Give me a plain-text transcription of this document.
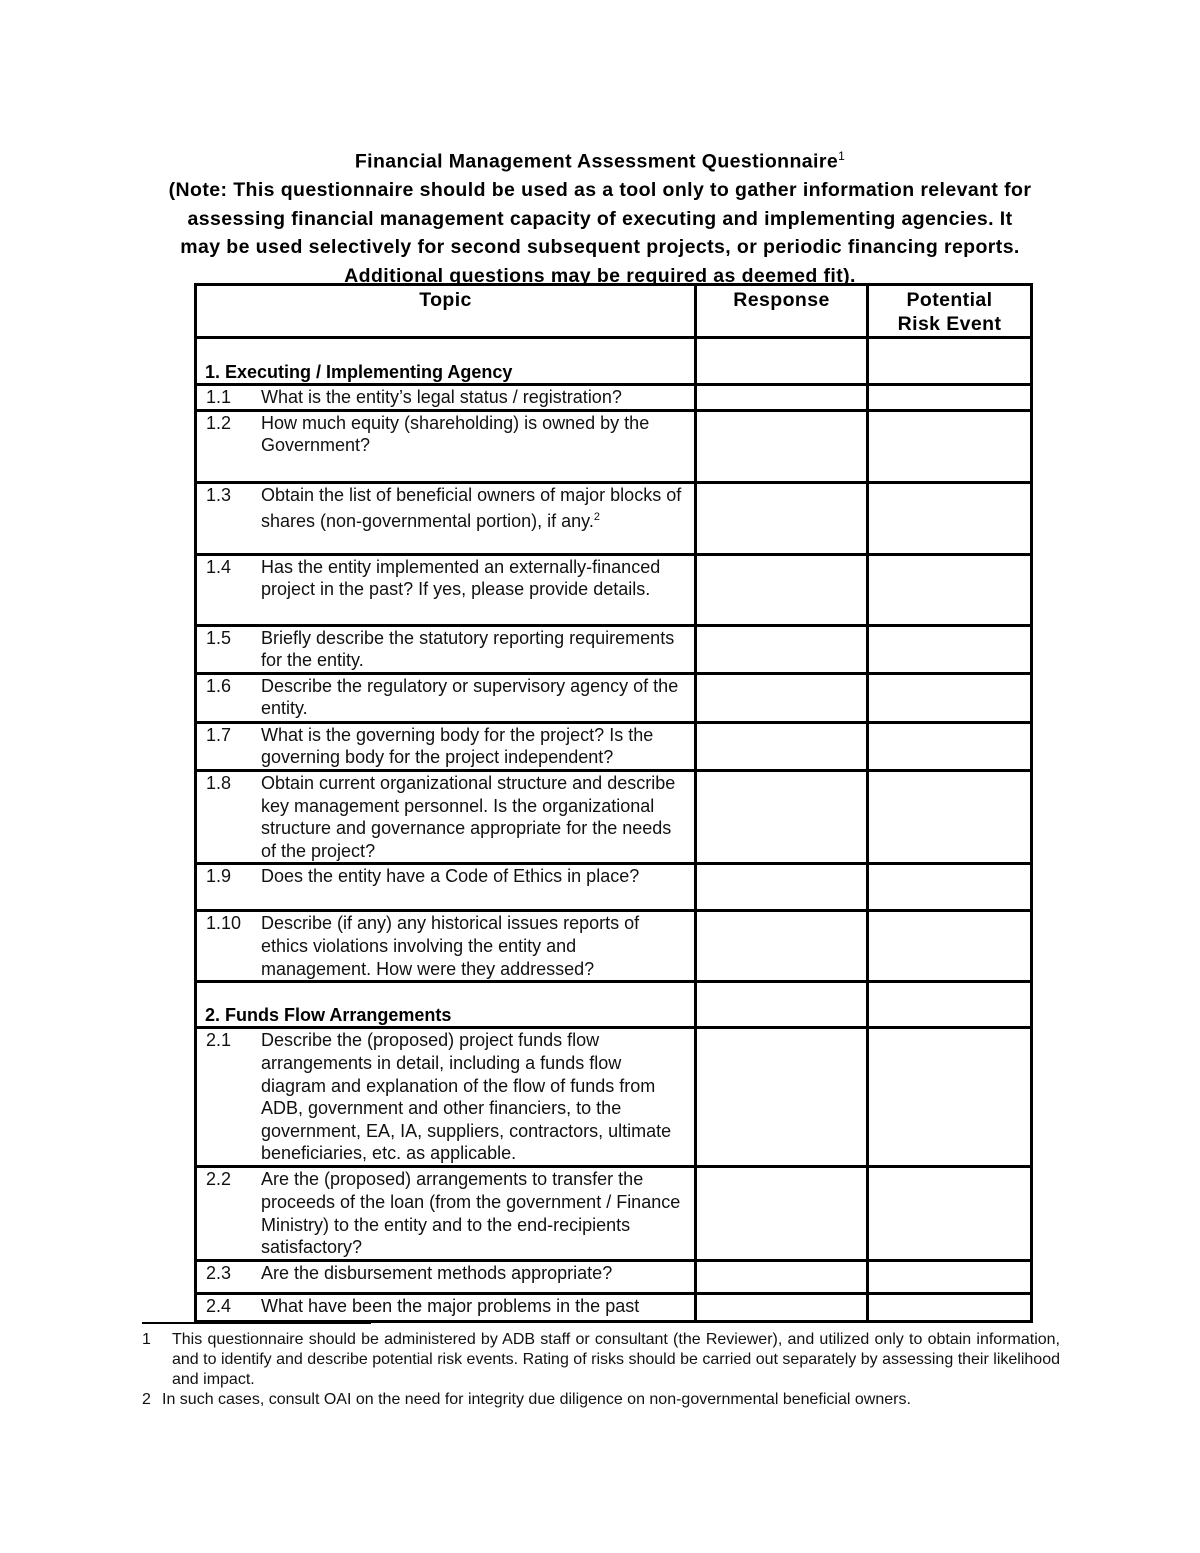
Financial Management Assessment Questionnaire$^1$
(Note: This questionnaire should be used as a tool only to gather information relevant for
assessing financial management capacity of executing and implementing agencies. It
may be used selectively for second subsequent projects, or periodic financing reports.
Additional questions may be required as deemed fit).
Topic	Response	Potential
Risk Event

1. Executing / Implementing Agency		

1.1 What is the entity’s legal status / registration?		

1.2 How much equity (shareholding) is owned by the Government?		

1.3 Obtain the list of beneficial owners of major blocks of shares (non-governmental portion), if any.$^2$

1.4 Has the entity implemented an externally-financed project in the past? If yes, please provide details.		

1.5 Briefly describe the statutory reporting requirements for the entity.		

1.6 Describe the regulatory or supervisory agency of the entity.		

1.7 What is the governing body for the project? Is the governing body for the project independent?		

1.8 Obtain current organizational structure and describe key management personnel. Is the organizational structure and governance appropriate for the needs of the project?		

1.9 Does the entity have a Code of Ethics in place?		

1.10 Describe (if any) any historical issues reports of ethics violations involving the entity and management. How were they addressed?		

2. Funds Flow Arrangements		

2.1 Describe the (proposed) project funds flow arrangements in detail, including a funds flow diagram and explanation of the flow of funds from ADB, government and other financiers, to the government, EA, IA, suppliers, contractors, ultimate beneficiaries, etc. as applicable.		

2.2 Are the (proposed) arrangements to transfer the proceeds of the loan (from the government / Finance Ministry) to the entity and to the end-recipients satisfactory?		

2.3 Are the disbursement methods appropriate?		

2.4 What have been the major problems in the past		

1	This questionnaire should be administered by ADB staff or consultant (the Reviewer), and utilized only to obtain information, and to identify and describe potential risk events. Rating of risks should be carried out separately by assessing their likelihood and impact.
2 In such cases, consult OAI on the need for integrity due diligence on non-governmental beneficial owners.
